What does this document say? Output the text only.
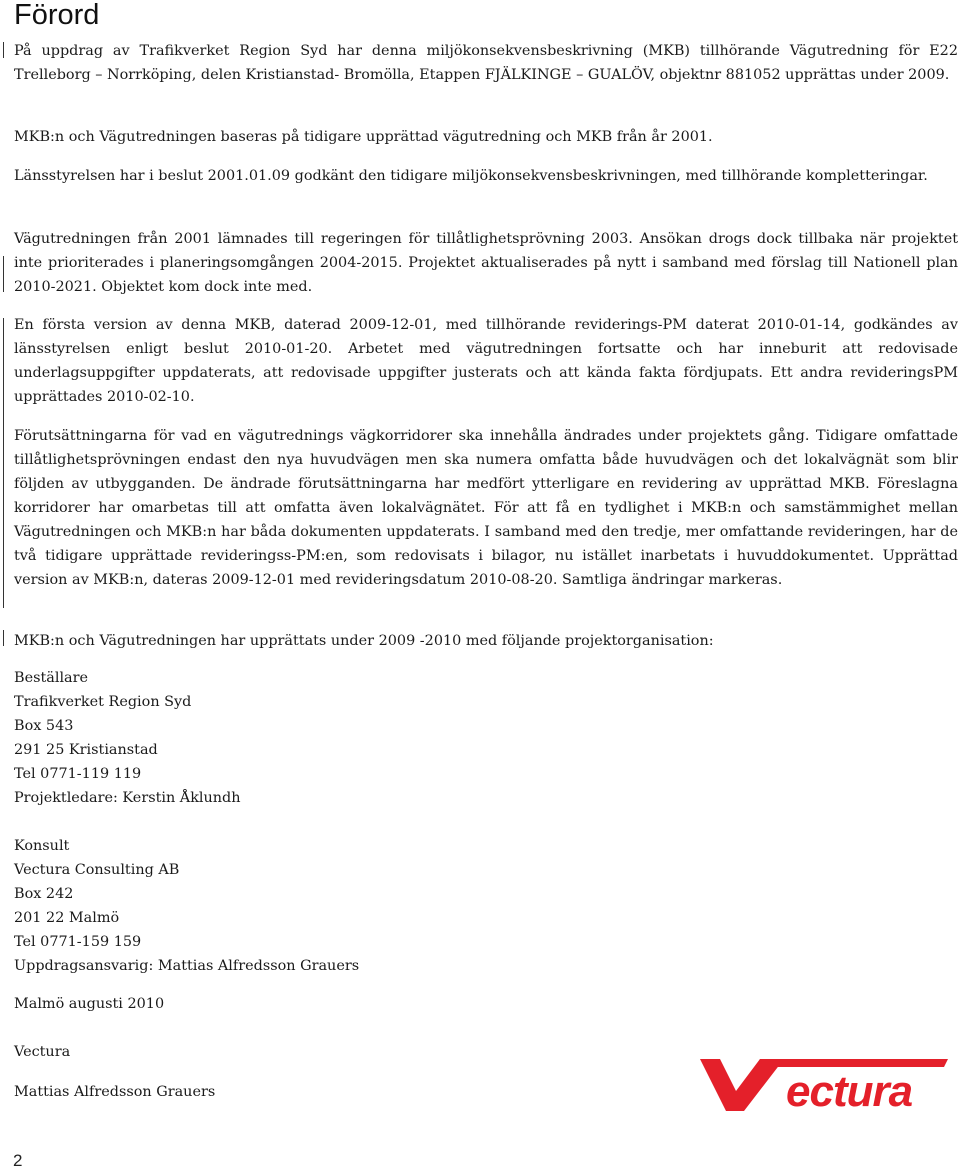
Förord

På uppdrag av Trafikverket Region Syd har denna miljökonsekvensbeskrivning (MKB) tillhörande Vägutredning för E22 Trelleborg – Norrköping, delen Kristianstad- Bromölla, Etappen FJÄLKINGE – GUALÖV, objektnr 881052 upprättas under 2009.

MKB:n och Vägutredningen baseras på tidigare upprättad vägutredning och MKB från år 2001.

Länsstyrelsen har i beslut 2001.01.09 godkänt den tidigare miljökonsekvensbeskrivningen, med tillhörande kompletteringar.

Vägutredningen från 2001 lämnades till regeringen för tillåtlighetsprövning 2003. Ansökan drogs dock tillbaka när projektet inte prioriterades i planeringsomgången 2004-2015. Projektet aktualiserades på nytt i samband med förslag till Nationell plan 2010-2021. Objektet kom dock inte med.

En första version av denna MKB, daterad 2009-12-01, med tillhörande reviderings-PM daterat 2010-01-14, godkändes av länsstyrelsen enligt beslut 2010-01-20. Arbetet med vägutredningen fortsatte och har inneburit att redovisade underlagsuppgifter uppdaterats, att redovisade uppgifter justerats och att kända fakta fördjupats. Ett andra revideringsPM upprättades 2010-02-10.

Förutsättningarna för vad en vägutrednings vägkorridorer ska innehålla ändrades under projektets gång. Tidigare omfattade tillåtlighetsprövningen endast den nya huvudvägen men ska numera omfatta både huvudvägen och det lokalvägnät som blir följden av utbygganden. De ändrade förutsättningarna har medfört ytterligare en revidering av upprättad MKB. Föreslagna korridorer har omarbetas till att omfatta även lokalvägnätet. För att få en tydlighet i MKB:n och samstämmighet mellan Vägutredningen och MKB:n har båda dokumenten uppdaterats. I samband med den tredje, mer omfattande revideringen, har de två tidigare upprättade revideringss-PM:en, som redovisats i bilagor, nu istället inarbetats i huvuddokumentet. Upprättad version av MKB:n, dateras 2009-12-01 med revideringsdatum 2010-08-20. Samtliga ändringar markeras.

MKB:n och Vägutredningen har upprättats under 2009 -2010 med följande projektorganisation:

Beställare
Trafikverket Region Syd
Box 543
291 25 Kristianstad
Tel 0771-119 119
Projektledare: Kerstin Åklundh
Konsult
Vectura Consulting AB
Box 242
201 22 Malmö
Tel 0771-159 159
Uppdragsansvarig: Mattias Alfredsson Grauers
Malmö augusti 2010
Vectura
Mattias Alfredsson Grauers	ectura
2
